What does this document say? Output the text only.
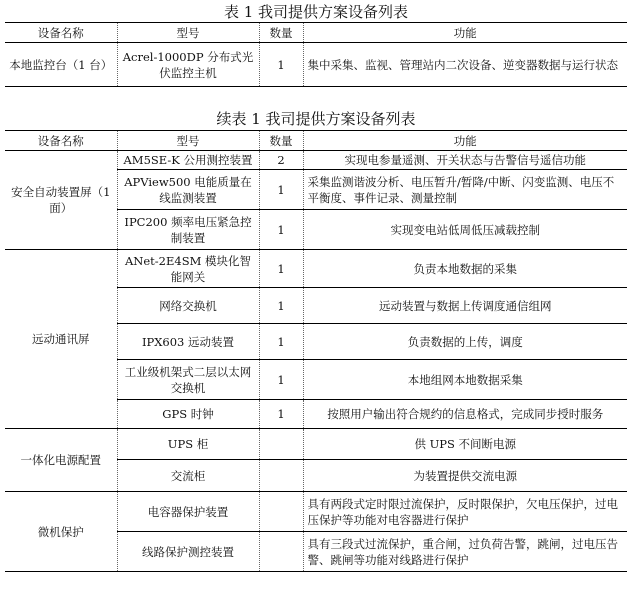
表 1 我司提供方案设备列表
设备名称	型号	数量	功能
本地监控台（1 台）	Acrel-1000DP 分布式光伏监控主机	1	集中采集、监视、管理站内二次设备、逆变器数据与运行状态
续表 1 我司提供方案设备列表
设备名称	型号	数量	功能
安全自动装置屏（1 面）	AM5SE-K 公用测控装置	2	实现电参量遥测、开关状态与告警信号遥信功能
	APView500 电能质量在线监测装置	1	采集监测谐波分析、电压暂升/暂降/中断、闪变监测、电压不平衡度、事件记录、测量控制
	IPC200 频率电压紧急控制装置	1	实现变电站低周低压减载控制
远动通讯屏	ANet-2E4SM 模块化智能网关	1	负责本地数据的采集
	网络交换机	1	远动装置与数据上传调度通信组网
	IPX603 远动装置	1	负责数据的上传，调度
	工业级机架式二层以太网交换机	1	本地组网本地数据采集
	GPS 时钟	1	按照用户输出符合规约的信息格式，完成同步授时服务
一体化电源配置	UPS 柜		供 UPS 不间断电源
	交流柜		为装置提供交流电源
微机保护	电容器保护装置		具有两段式定时限过流保护，反时限保护，欠电压保护，过电压保护等功能对电容器进行保护
	线路保护测控装置		具有三段式过流保护，重合闸，过负荷告警，跳闸，过电压告警、跳闸等功能对线路进行保护
